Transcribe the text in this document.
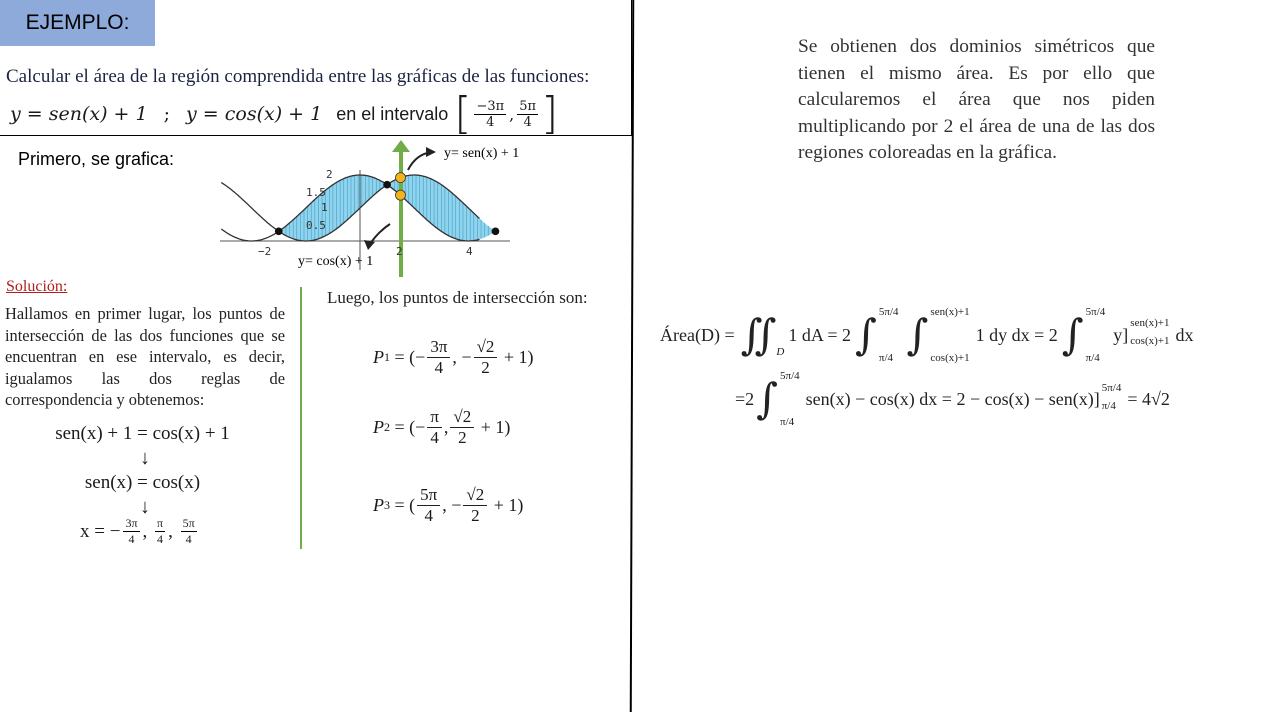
EJEMPLO:
Calcular el área de la región comprendida entre las gráficas de las funciones:
y = sen(x) + 1 ; y = cos(x) + 1 en el intervalo [ $\frac{-3\pi}{4}$ , $\frac{5\pi}{4}$ ]
Primero, se grafica:	y= sen(x) + 1
y= cos(x) + 1
2
1.5
1
0.5
−2	2	4
Solución:
Hallamos en primer lugar, los puntos de intersección de las dos funciones que se encuentran en ese intervalo, es decir, igualamos las dos reglas de correspondencia y obtenemos:
sen(x) + 1 = cos(x) + 1
↓
sen(x) = cos(x)
↓
x = − $\frac{3\pi}{4}$ , $\frac{\pi}{4}$ , $\frac{5\pi}{4}$
Luego, los puntos de intersección son:
P 1 = (− $\frac{3\pi}{4}$ , − $\frac{√2}{2}$
+ 1)
P 2 = (− $\frac{\pi}{4}$ ,
√2
2

+ 1)
P 3 = (
5π
4
, − $\frac{√2}{2}$
+ 1)
Se obtienen dos dominios simétricos que tienen el mismo área. Es por ello que calcularemos el área que nos piden multiplicando por 2 el área de una de las dos regiones coloreadas en la gráfica.
Área(D) = ∬ D
1 dA = 2 ∫ 5π/4
π/4 ∫ sen(x)+1
cos(x)+1
1 dy dx = 2 ∫ 5π/4
π/4
y]
sen(x)+1
cos(x)+1 dx
=2 ∫ 5π/4
π/4
sen(x) − cos(x) dx = 2 − cos(x) − sen(x)]
5π/4
π/4 = 4√2
